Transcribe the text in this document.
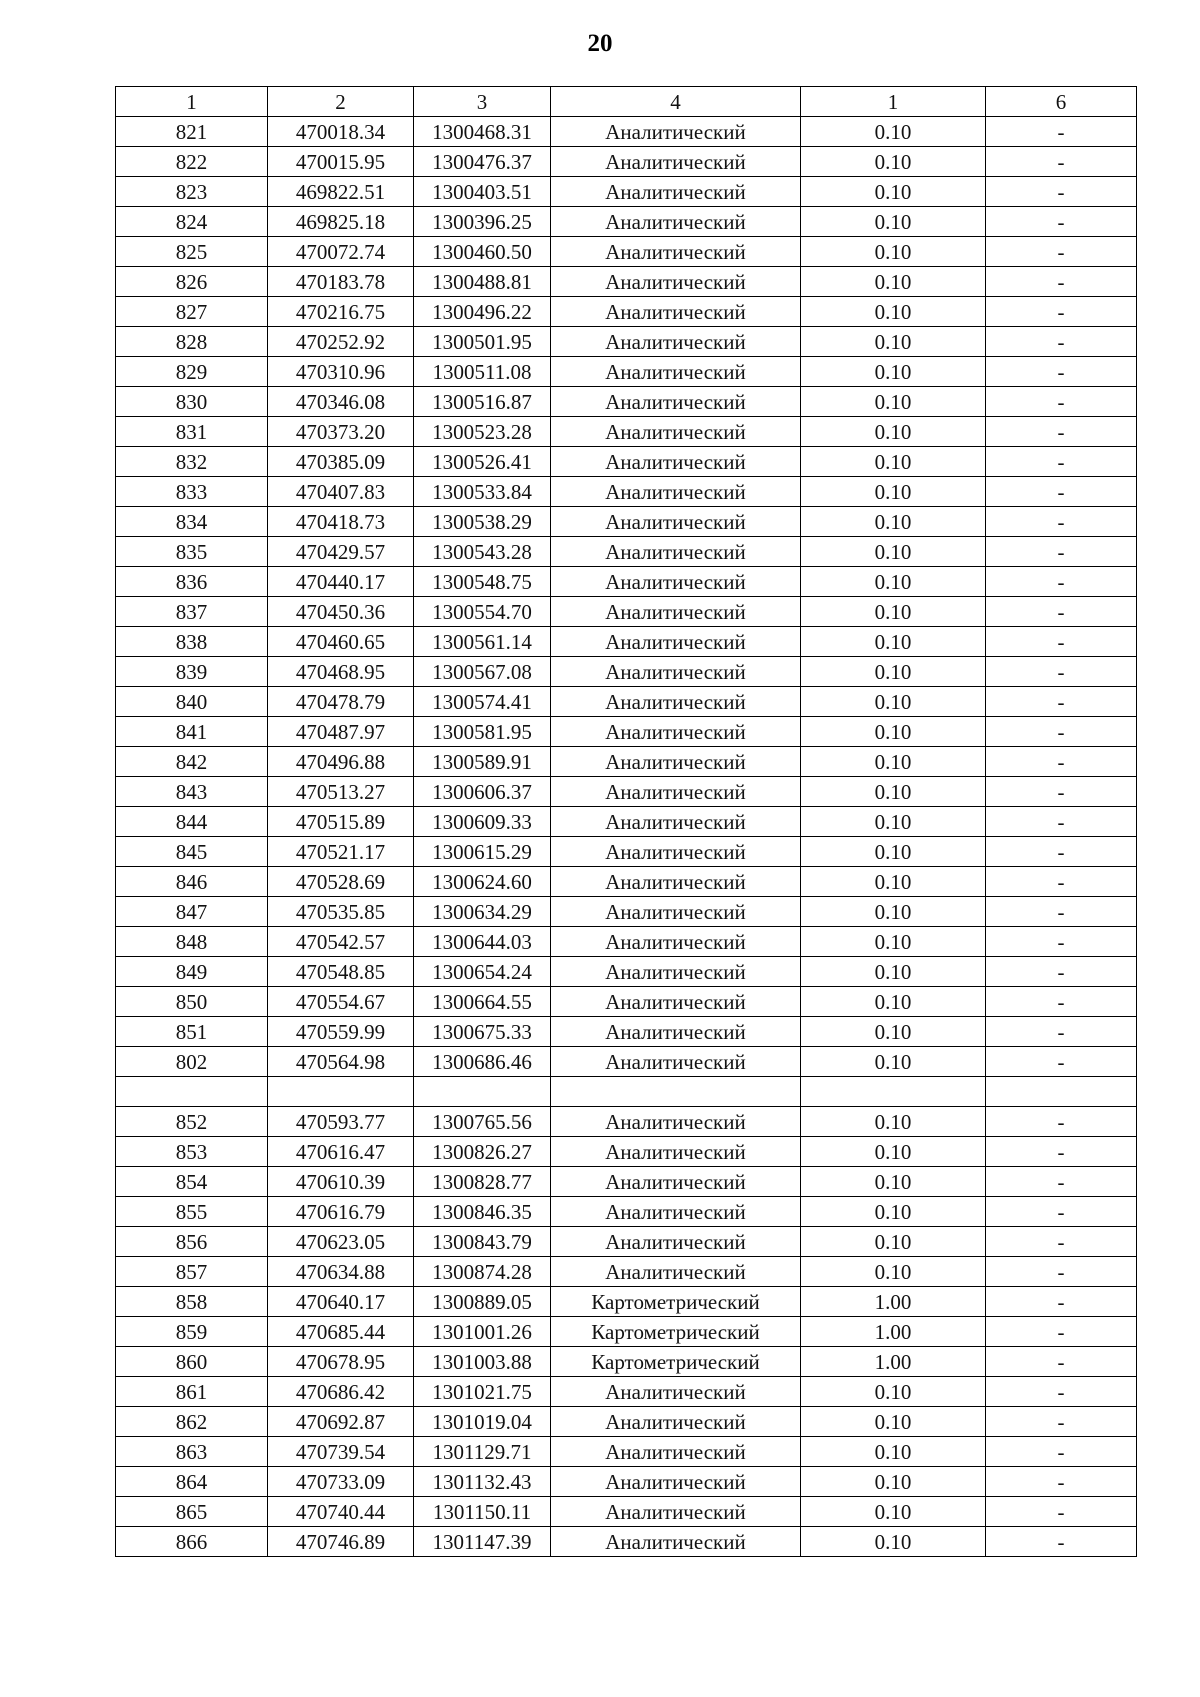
20
1	2	3	4	1	6
821	470018.34	1300468.31	Аналитический	0.10	-
822	470015.95	1300476.37	Аналитический	0.10	-
823	469822.51	1300403.51	Аналитический	0.10	-
824	469825.18	1300396.25	Аналитический	0.10	-
825	470072.74	1300460.50	Аналитический	0.10	-
826	470183.78	1300488.81	Аналитический	0.10	-
827	470216.75	1300496.22	Аналитический	0.10	-
828	470252.92	1300501.95	Аналитический	0.10	-
829	470310.96	1300511.08	Аналитический	0.10	-
830	470346.08	1300516.87	Аналитический	0.10	-
831	470373.20	1300523.28	Аналитический	0.10	-
832	470385.09	1300526.41	Аналитический	0.10	-
833	470407.83	1300533.84	Аналитический	0.10	-
834	470418.73	1300538.29	Аналитический	0.10	-
835	470429.57	1300543.28	Аналитический	0.10	-
836	470440.17	1300548.75	Аналитический	0.10	-
837	470450.36	1300554.70	Аналитический	0.10	-
838	470460.65	1300561.14	Аналитический	0.10	-
839	470468.95	1300567.08	Аналитический	0.10	-
840	470478.79	1300574.41	Аналитический	0.10	-
841	470487.97	1300581.95	Аналитический	0.10	-
842	470496.88	1300589.91	Аналитический	0.10	-
843	470513.27	1300606.37	Аналитический	0.10	-
844	470515.89	1300609.33	Аналитический	0.10	-
845	470521.17	1300615.29	Аналитический	0.10	-
846	470528.69	1300624.60	Аналитический	0.10	-
847	470535.85	1300634.29	Аналитический	0.10	-
848	470542.57	1300644.03	Аналитический	0.10	-
849	470548.85	1300654.24	Аналитический	0.10	-
850	470554.67	1300664.55	Аналитический	0.10	-
851	470559.99	1300675.33	Аналитический	0.10	-
802	470564.98	1300686.46	Аналитический	0.10	-

852	470593.77	1300765.56	Аналитический	0.10	-
853	470616.47	1300826.27	Аналитический	0.10	-
854	470610.39	1300828.77	Аналитический	0.10	-
855	470616.79	1300846.35	Аналитический	0.10	-
856	470623.05	1300843.79	Аналитический	0.10	-
857	470634.88	1300874.28	Аналитический	0.10	-
858	470640.17	1300889.05	Картометрический	1.00	-
859	470685.44	1301001.26	Картометрический	1.00	-
860	470678.95	1301003.88	Картометрический	1.00	-
861	470686.42	1301021.75	Аналитический	0.10	-
862	470692.87	1301019.04	Аналитический	0.10	-
863	470739.54	1301129.71	Аналитический	0.10	-
864	470733.09	1301132.43	Аналитический	0.10	-
865	470740.44	1301150.11	Аналитический	0.10	-
866	470746.89	1301147.39	Аналитический	0.10	-
